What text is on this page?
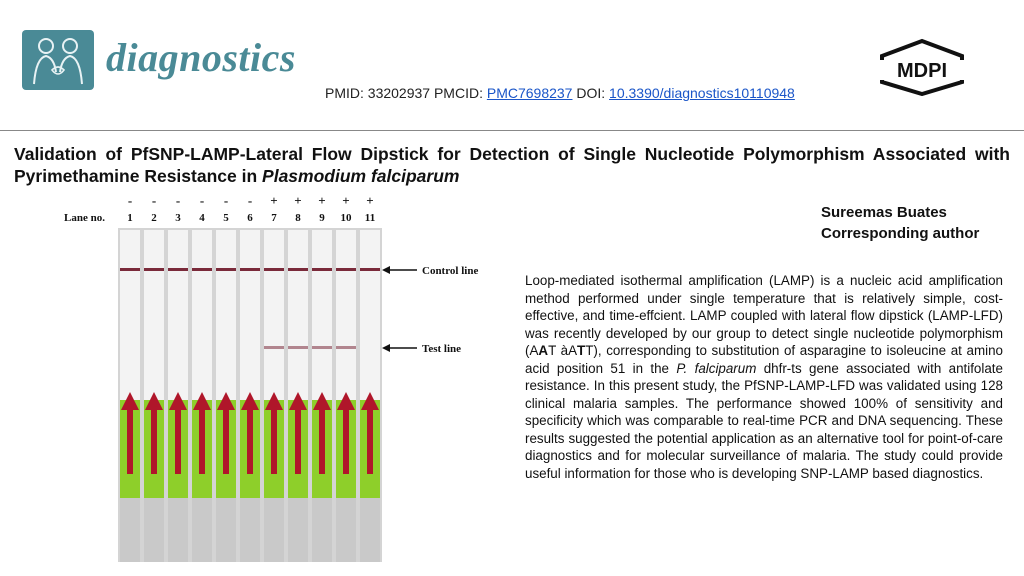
diagnostics
PMID: 33202937 PMCID: PMC7698237 DOI: 10.3390/diagnostics10110948
MDPI
Validation of PfSNP-LAMP-Lateral Flow Dipstick for Detection of Single Nucleotide Polymorphism Associated with Pyrimethamine Resistance in Plasmodium falciparum
Sureemas Buates
Corresponding author
Lane no.
- - - - - - + + + + +
1 2 3 4 5 6 7 8 9 10 11
Control line
Test line
Loop-mediated isothermal amplification (LAMP) is a nucleic acid amplification method performed under single temperature that is relatively simple, cost-effective, and time-effcient. LAMP coupled with lateral flow dipstick (LAMP-LFD) was recently developed by our group to detect single nucleotide polymorphism (AAT àATT), corresponding to substitution of asparagine to isoleucine at amino acid position 51 in the P. falciparum dhfr-ts gene associated with antifolate resistance. In this present study, the PfSNP-LAMP-LFD was validated using 128 clinical malaria samples. The performance showed 100% of sensitivity and specificity which was comparable to real-time PCR and DNA sequencing. These results suggested the potential application as an alternative tool for point-of-care diagnostics and for molecular surveillance of malaria. The study could provide useful information for those who is developing SNP-LAMP based diagnostics.
